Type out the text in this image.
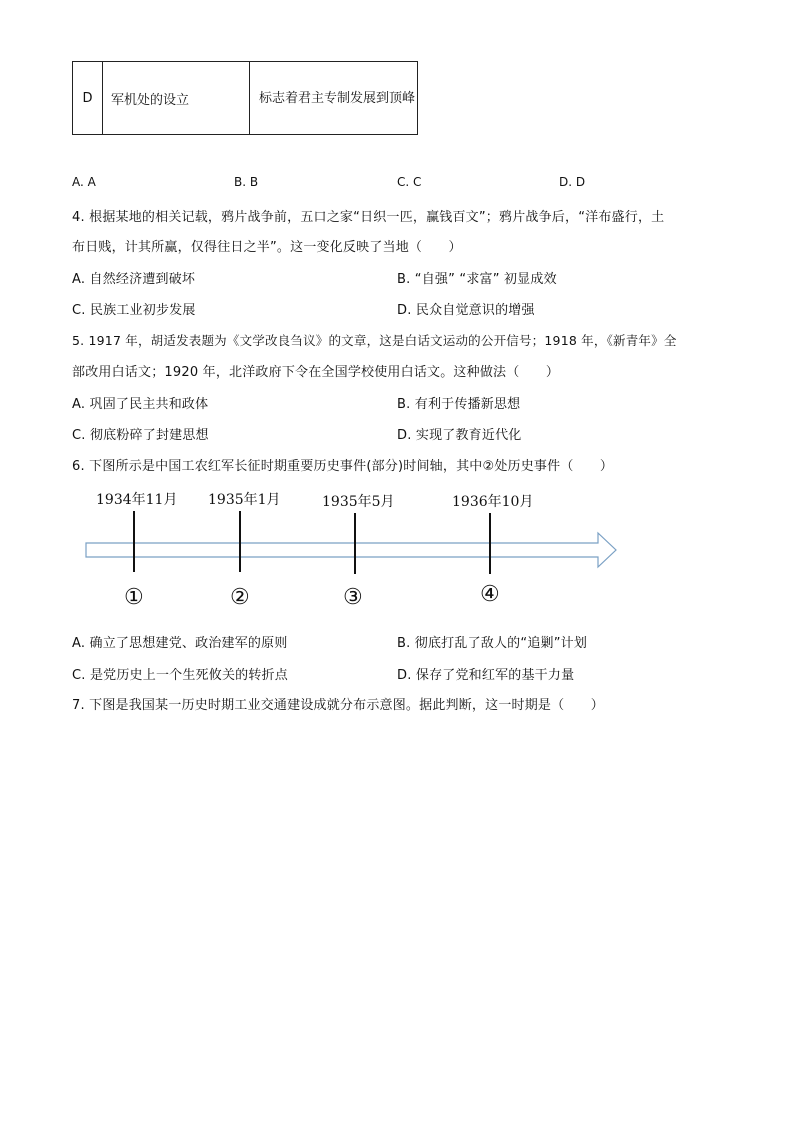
D	军机处的设立	标志着君主专制发展到顶峰
A. A	B. B	C. C	D. D
4. 根据某地的相关记载，鸦片战争前，五口之家“日织一匹，赢钱百文”；鸦片战争后，“洋布盛行，土
布日贱，计其所赢，仅得往日之半”。这一变化反映了当地（　　）
A. 自然经济遭到破坏	B. “自强” “求富” 初显成效
C. 民族工业初步发展	D. 民众自觉意识的增强
5. 1917 年，胡适发表题为《文学改良刍议》的文章，这是白话文运动的公开信号；1918 年，《新青年》全
部改用白话文；1920 年，北洋政府下令在全国学校使用白话文。这种做法（　　）
A. 巩固了民主共和政体	B. 有利于传播新思想
C. 彻底粉碎了封建思想	D. 实现了教育近代化
6. 下图所示是中国工农红军长征时期重要历史事件(部分)时间轴，其中②处历史事件（　　）
1934年11月 1935年1月	1935年5月	1936年10月
①	②	③	④
A. 确立了思想建党、政治建军的原则	B. 彻底打乱了敌人的“追剿”计划
C. 是党历史上一个生死攸关的转折点	D. 保存了党和红军的基干力量
7. 下图是我国某一历史时期工业交通建设成就分布示意图。据此判断，这一时期是（　　）
